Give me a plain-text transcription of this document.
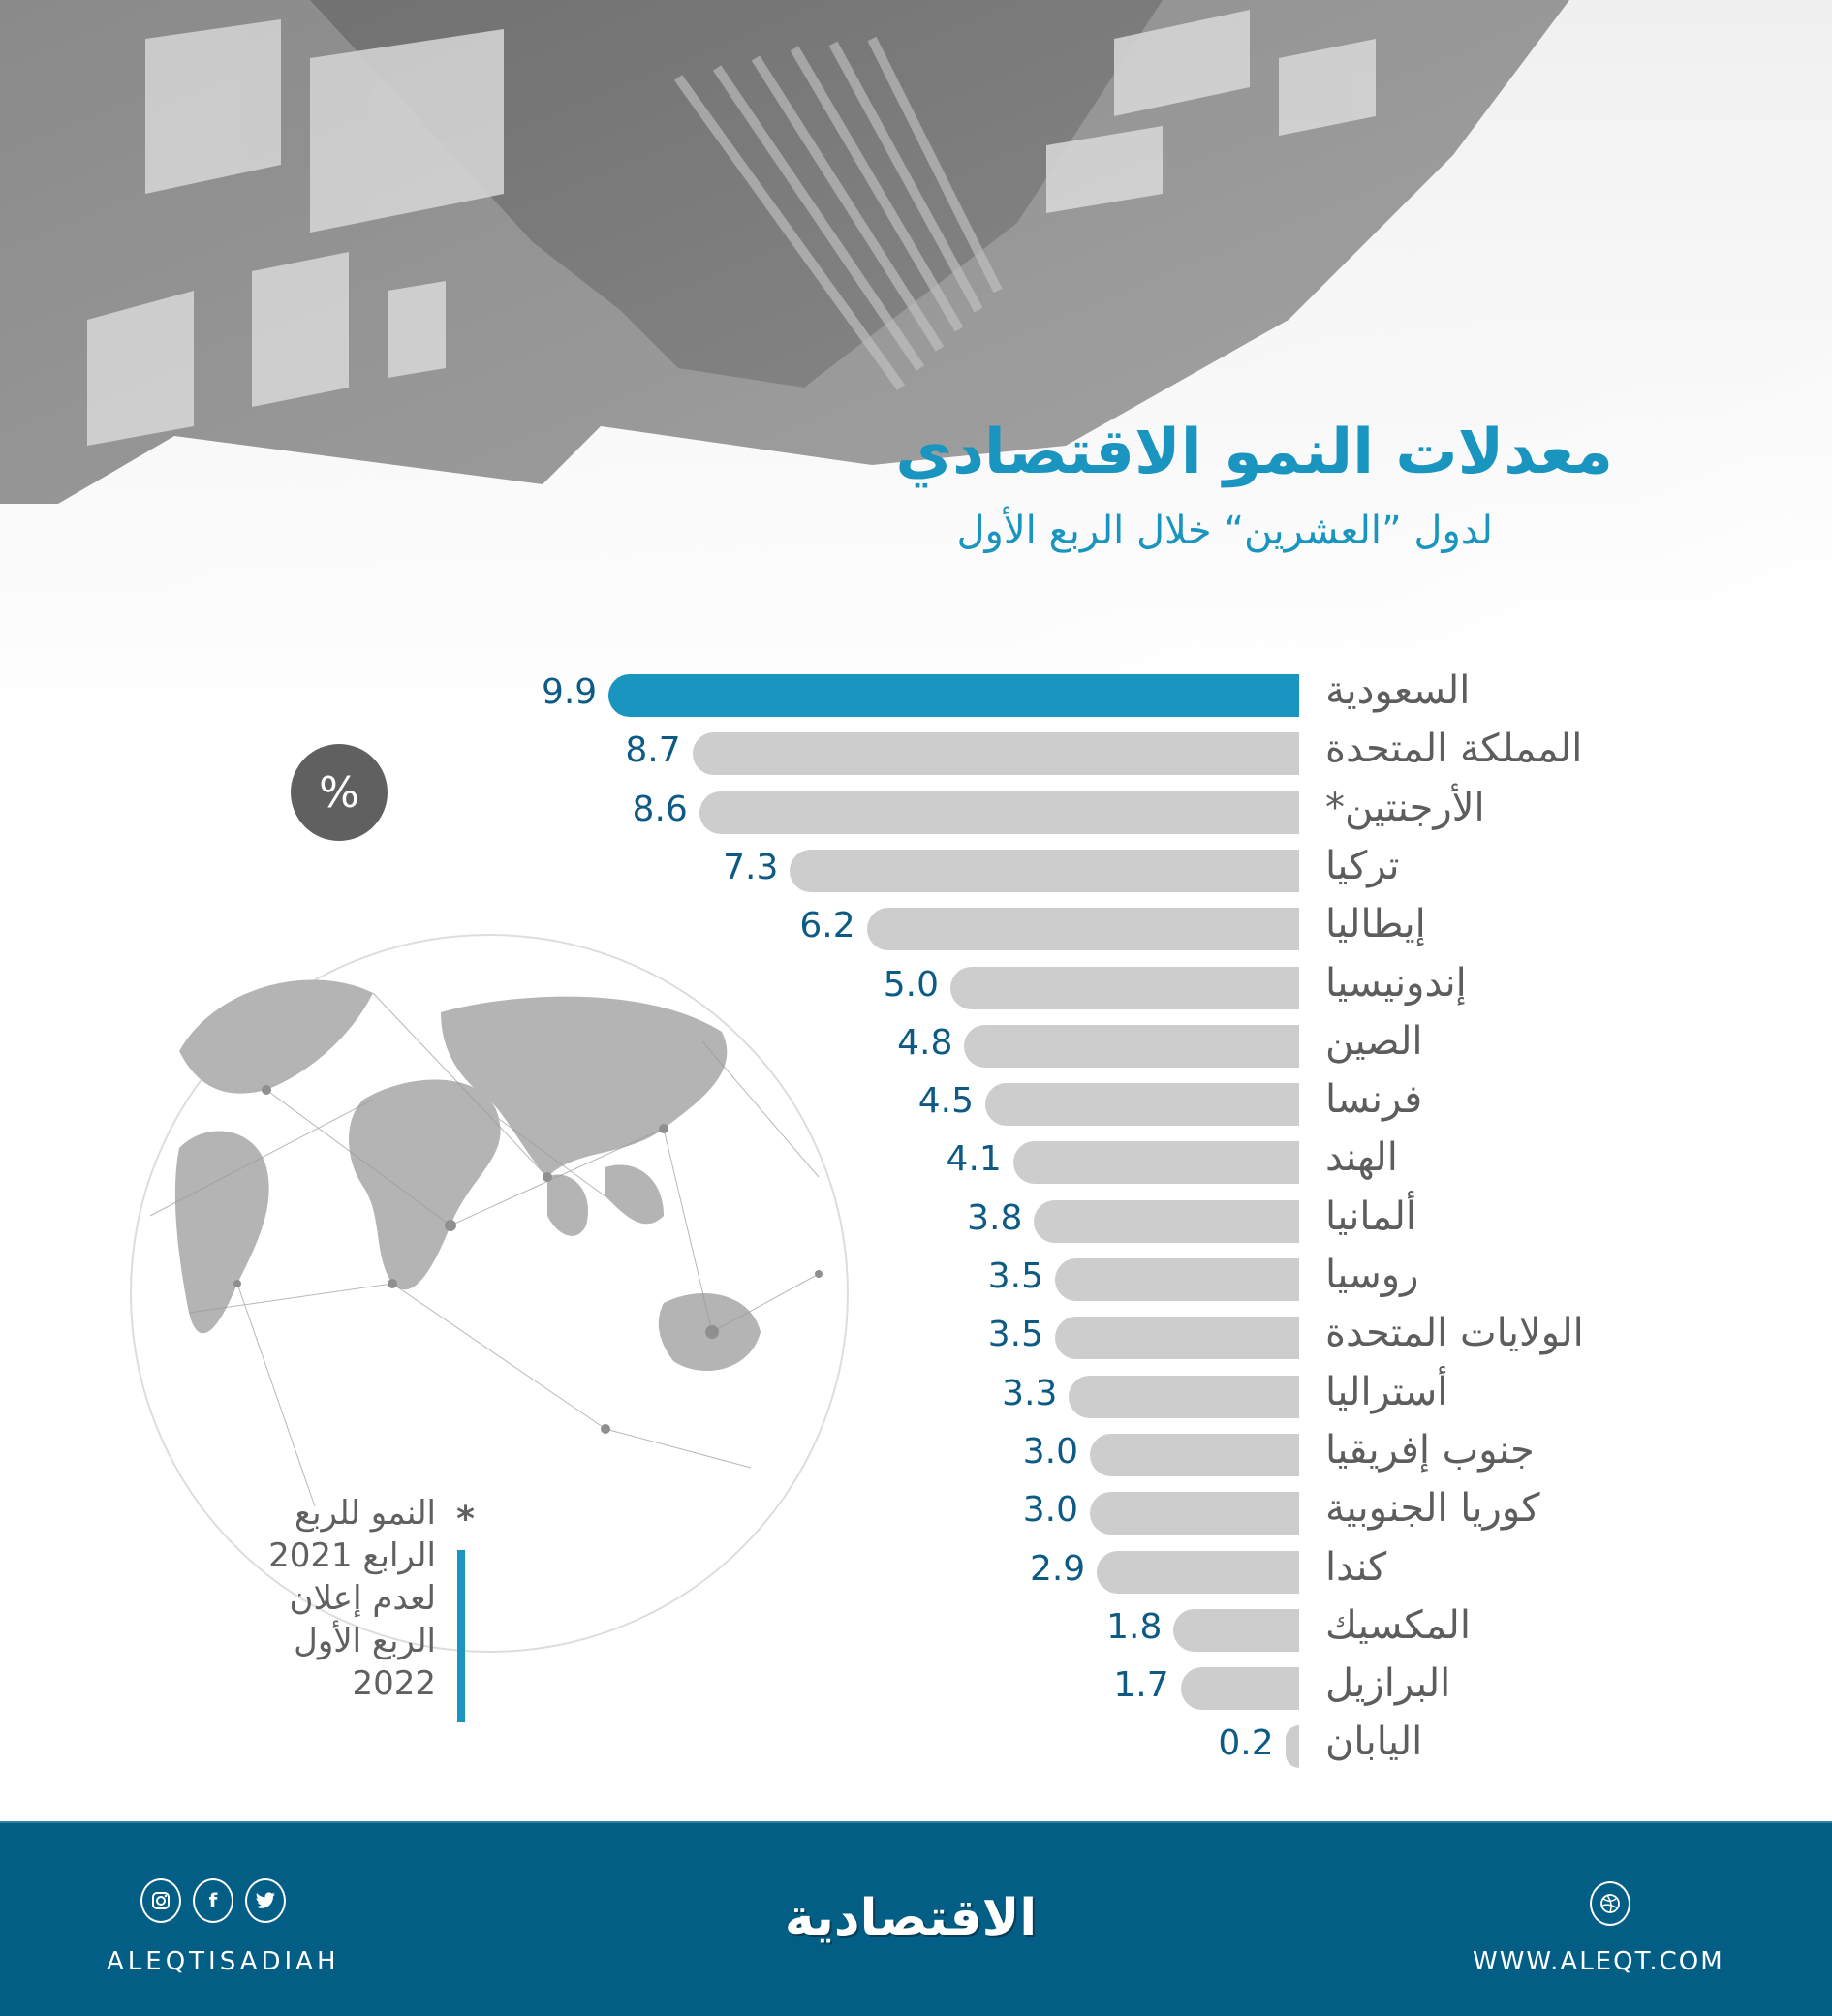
معدلات النمو الاقتصادي
لدول ”العشرين“ خلال الربع الأول
%
*
النمو للربع
الرابع 2021
لعدم إعلان
الربع الأول
2022
9.9	السعودية
8.7	المملكة المتحدة
8.6	الأرجنتين*
7.3	تركيا
6.2	إيطاليا
5.0	إندونيسيا
4.8	الصين
4.5	فرنسا
4.1	الهند
3.8	ألمانيا
3.5	روسيا
3.5	الولايات المتحدة
3.3	أستراليا
3.0	جنوب إفريقيا
3.0	كوريا الجنوبية
2.9	كندا
1.8	المكسيك
1.7	البرازيل
0.2 اليابان
f
ALEQTISADIAH
الاقتصادية
WWW.ALEQT.COM
